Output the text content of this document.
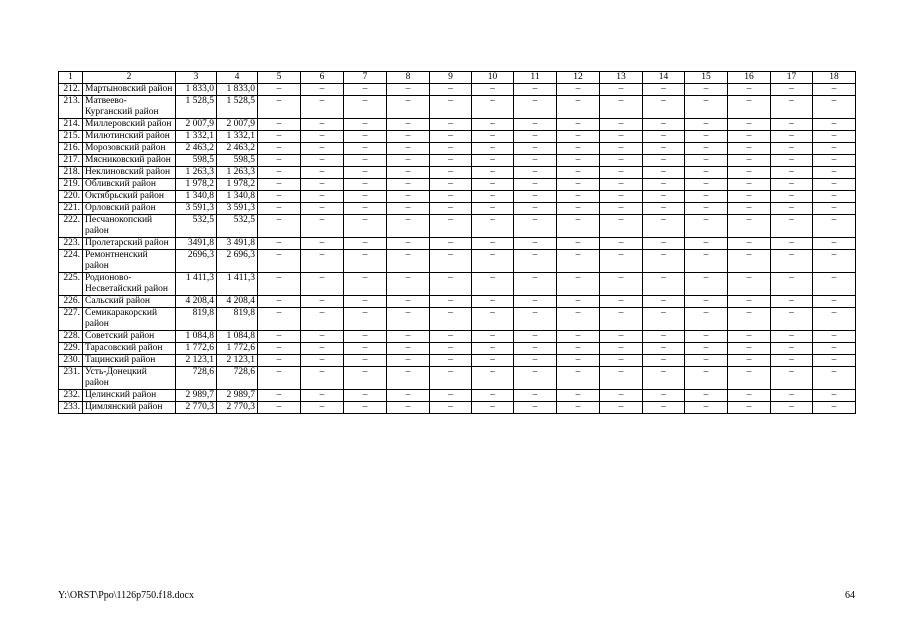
1	2	3	4	5	6	7	8	9	10	11	12	13	14	15	16	17	18
212.	Мартыновский район	1 833,0	1 833,0	–	–	–	–	–	–	–	–	–	–	–	–	–	–
213.	Матвеево-Курганский район	1 528,5	1 528,5	–	–	–	–	–	–	–	–	–	–	–	–	–	–
214.	Миллеровский район	2 007,9	2 007,9	–	–	–	–	–	–	–	–	–	–	–	–	–	–
215.	Милютинский район	1 332,1	1 332,1	–	–	–	–	–	–	–	–	–	–	–	–	–	–
216.	Морозовский район	2 463,2	2 463,2	–	–	–	–	–	–	–	–	–	–	–	–	–	–
217.	Мясниковский район	598,5	598,5	–	–	–	–	–	–	–	–	–	–	–	–	–	–
218.	Неклиновский район	1 263,3	1 263,3	–	–	–	–	–	–	–	–	–	–	–	–	–	–
219.	Обливский район	1 978,2	1 978,2	–	–	–	–	–	–	–	–	–	–	–	–	–	–
220.	Октябрьский район	1 340,8	1 340,8	–	–	–	–	–	–	–	–	–	–	–	–	–	–
221.	Орловский район	3 591,3	3 591,3	–	–	–	–	–	–	–	–	–	–	–	–	–	–
222.	Песчанокопский район	532,5	532,5	–	–	–	–	–	–	–	–	–	–	–	–	–	–
223.	Пролетарский район	3491,8	3 491,8	–	–	–	–	–	–	–	–	–	–	–	–	–	–
224.	Ремонтненский район	2696,3	2 696,3	–	–	–	–	–	–	–	–	–	–	–	–	–	–
225.	Родионово-Несветайский район	1 411,3	1 411,3	–	–	–	–	–	–	–	–	–	–	–	–	–	–
226.	Сальский район	4 208,4	4 208,4	–	–	–	–	–	–	–	–	–	–	–	–	–	–
227.	Семикаракорский район	819,8	819,8	–	–	–	–	–	–	–	–	–	–	–	–	–	–
228.	Советский район	1 084,8	1 084,8	–	–	–	–	–	–	–	–	–	–	–	–	–	–
229.	Тарасовский район	1 772,6	1 772,6	–	–	–	–	–	–	–	–	–	–	–	–	–	–
230.	Тацинский район	2 123,1	2 123,1	–	–	–	–	–	–	–	–	–	–	–	–	–	–
231.	Усть-Донецкий район	728,6	728,6	–	–	–	–	–	–	–	–	–	–	–	–	–	–
232.	Целинский район	2 989,7	2 989,7	–	–	–	–	–	–	–	–	–	–	–	–	–	–
233.	Цимлянский район	2 770,3	2 770,3	–	–	–	–	–	–	–	–	–	–	–	–	–	–
Y:\ORST\Ppo\1126p750.f18.docx	64
